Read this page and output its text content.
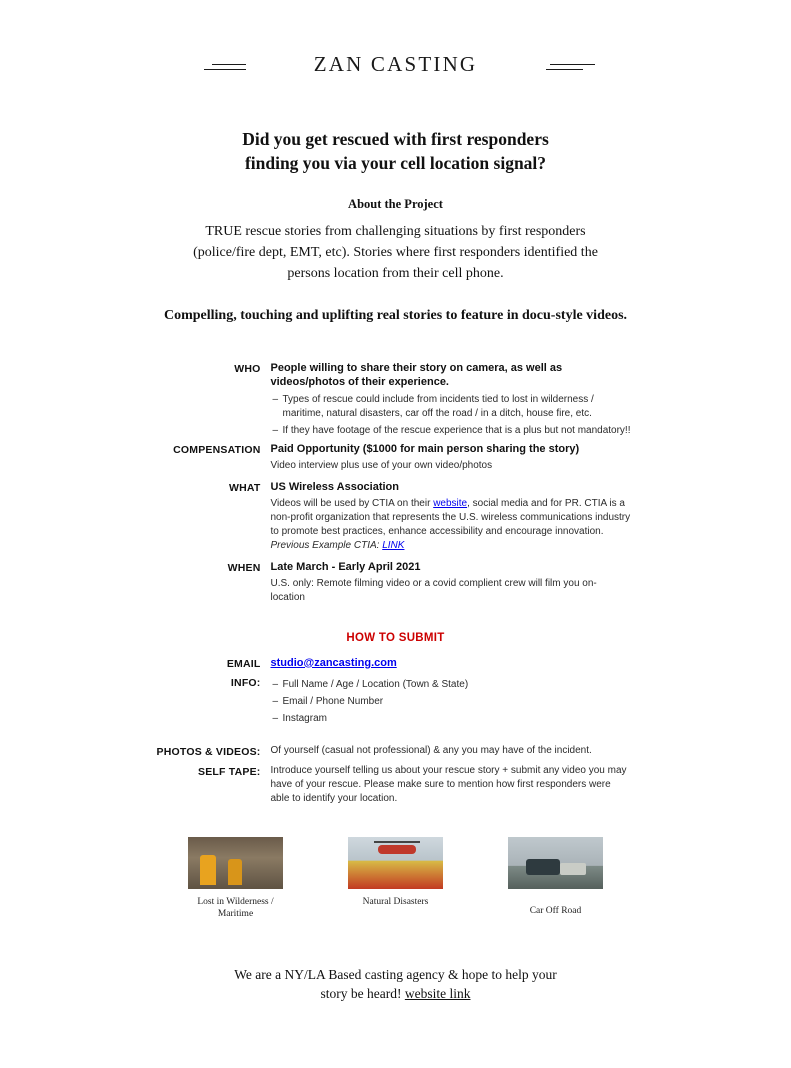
ZAN CASTING
Did you get rescued with first responders
finding you via your cell location signal?
About the Project
TRUE rescue stories from challenging situations by first responders (police/fire dept, EMT, etc). Stories where first responders identified the persons location from their cell phone.
Compelling, touching and uplifting real stories to feature in docu-style videos.
WHO People willing to share their story on camera, as well as videos/photos of their experience.
– Types of rescue could include from incidents tied to lost in wilderness / maritime, natural disasters, car off the road / in a ditch, house fire, etc.
– If they have footage of the rescue experience that is a plus but not mandatory!!
COMPENSATION Paid Opportunity ($1000 for main person sharing the story)
Video interview plus use of your own video/photos
WHAT US Wireless Association
Videos will be used by CTIA on their website, social media and for PR. CTIA is a non-profit organization that represents the U.S. wireless communications industry to promote best practices, enhance accessibility and encourage innovation. Previous Example CTIA: LINK
WHEN Late March - Early April 2021
U.S. only: Remote filming video or a covid complient crew will film you on-location
HOW TO SUBMIT
EMAIL studio@zancasting.com
INFO:	– Full Name / Age / Location (Town & State)
– Email / Phone Number
– Instagram
PHOTOS & VIDEOS:	Of yourself (casual not professional) & any you may have of the incident.
SELF TAPE:	Introduce yourself telling us about your rescue story + submit any video you may have of your rescue. Please make sure to mention how first responders were able to identify your location.
Lost in Wilderness /
Maritime
Natural Disasters
Car Off Road
We are a NY/LA Based casting agency & hope to help your
story be heard! website link
